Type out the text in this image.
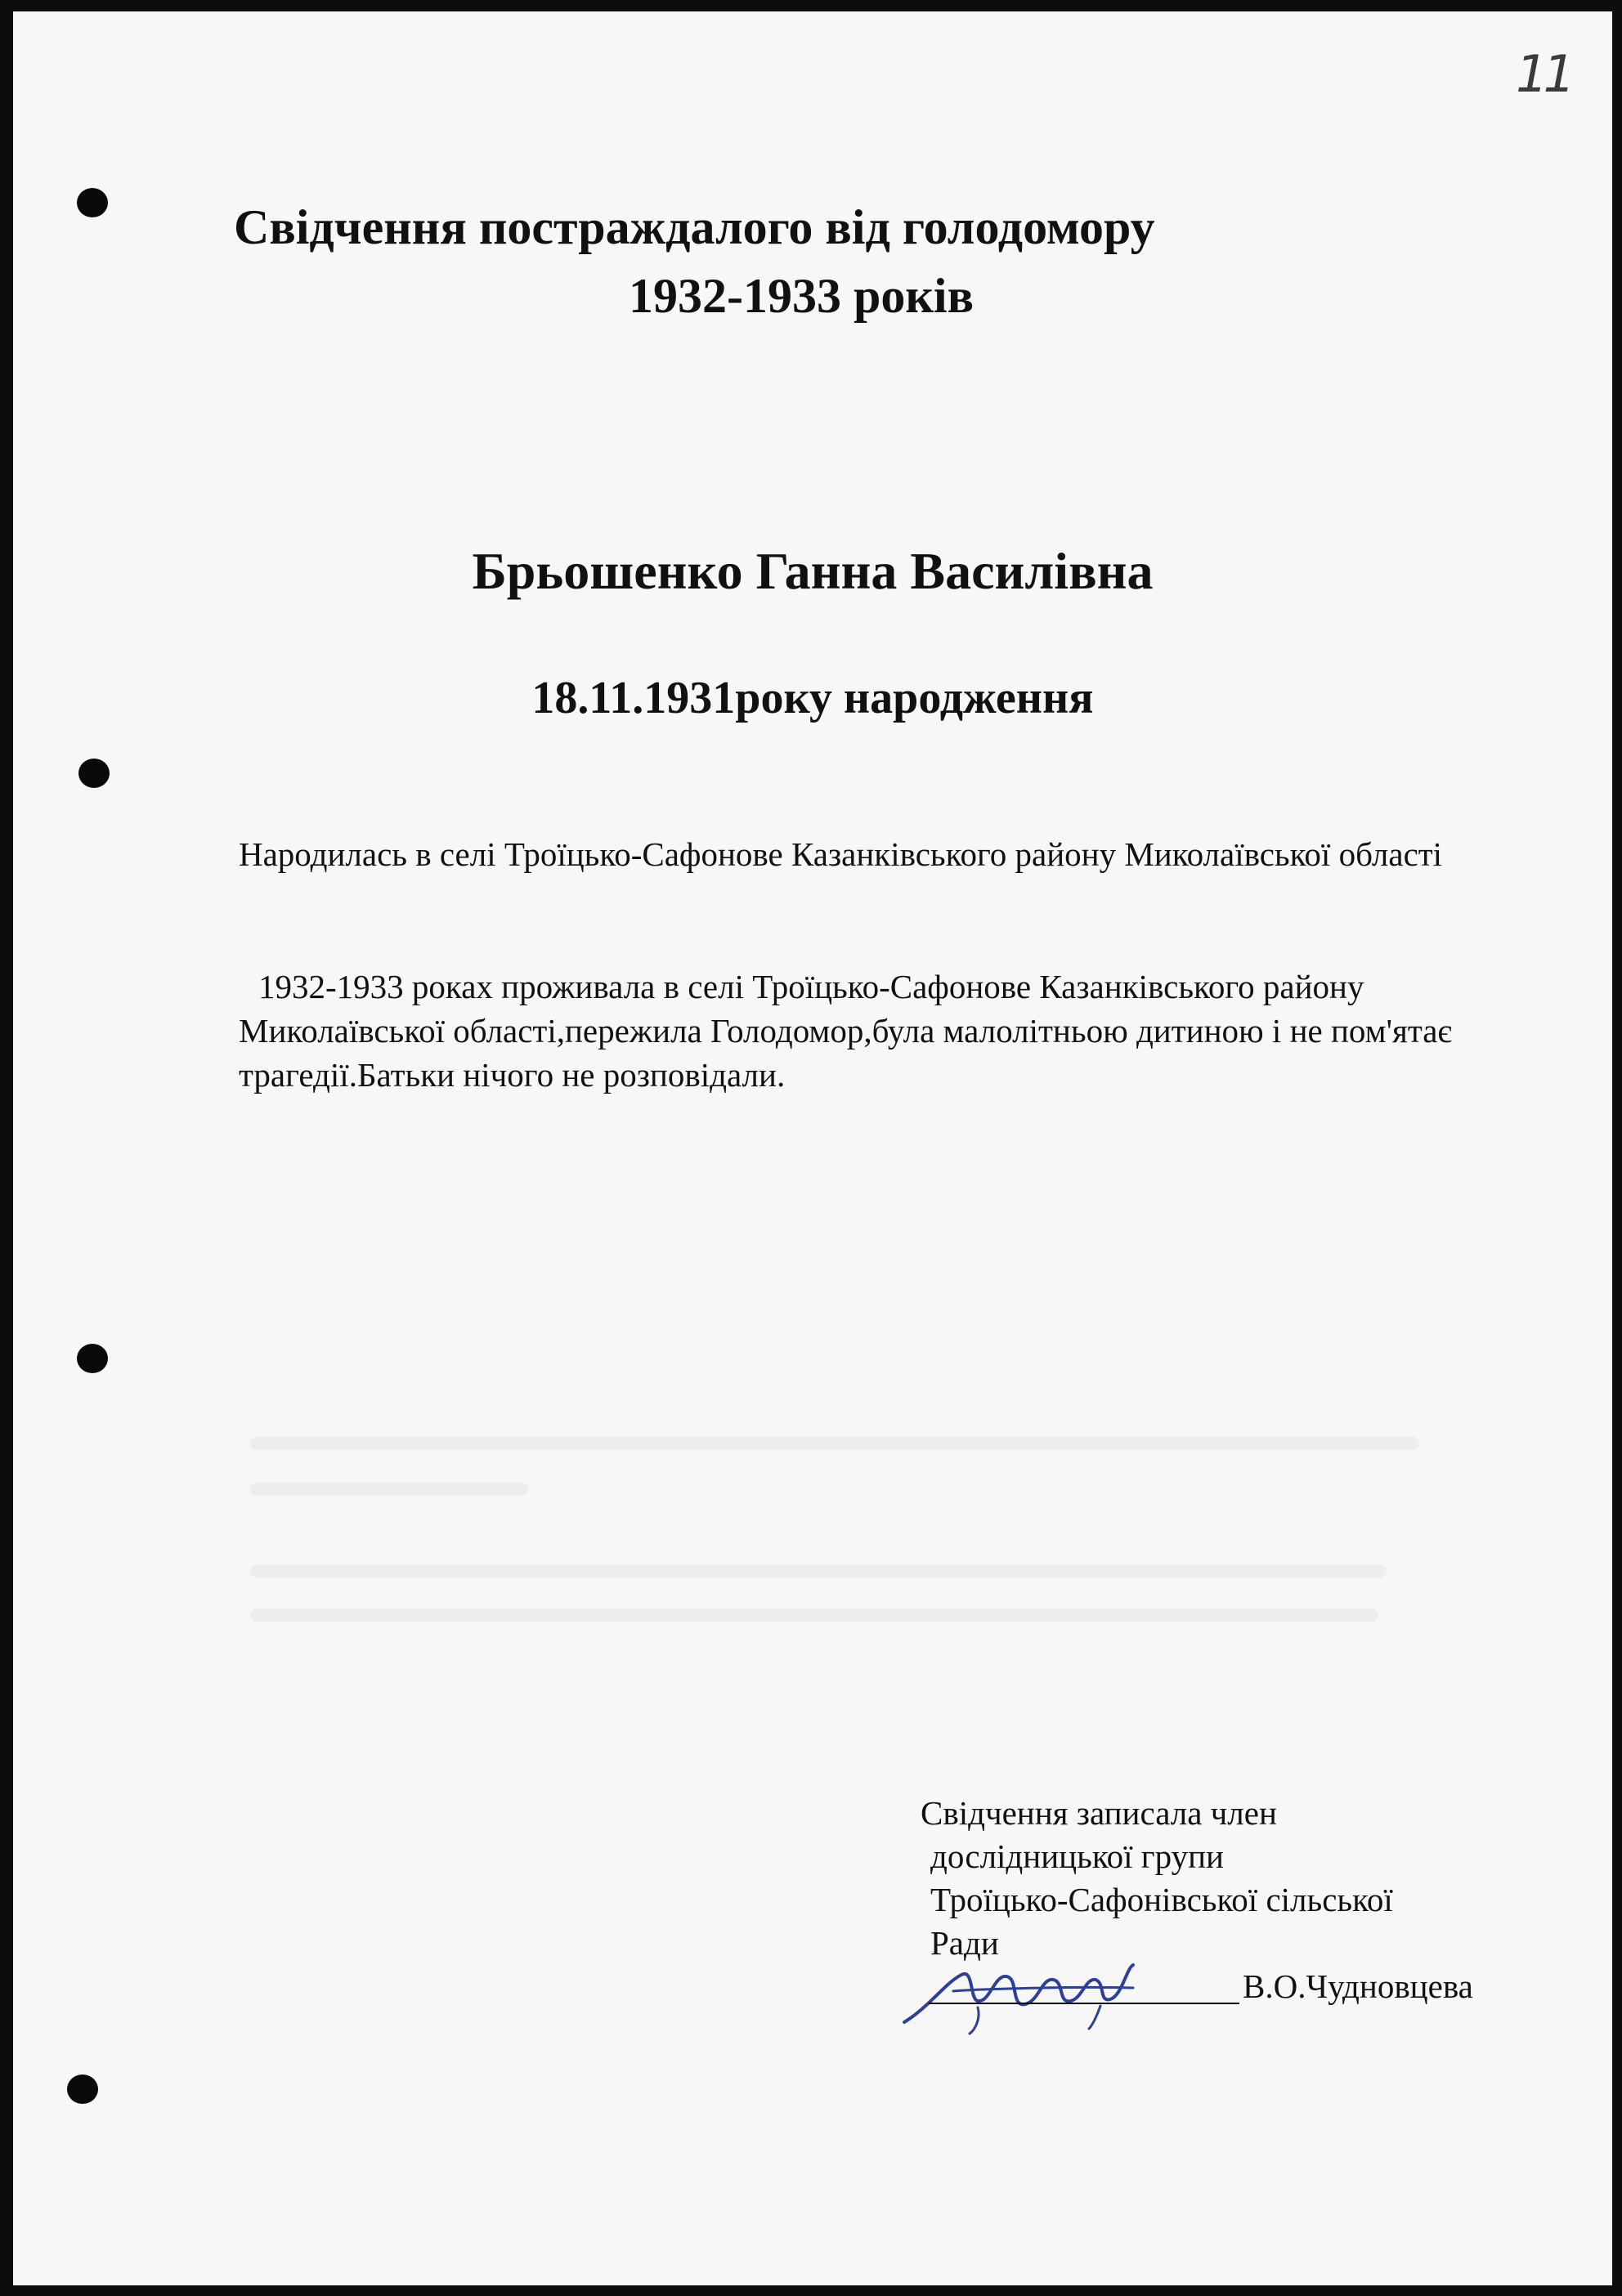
11
Свідчення постраждалого від голодомору
1932-1933 років
Брьошенко Ганна Василівна
18.11.1931року народження
Народилась в селі Троїцько-Сафонове Казанківського району Миколаївської області
1932-1933 роках проживала в селі Троїцько-Сафонове Казанківського району Миколаївської області,пережила Голодомор,була малолітньою дитиною і не пом'ятає трагедії.Батьки нічого не розповідали.
Свідчення записала член
дослідницької групи
Троїцько-Сафонівської сільської
Ради
В.О.Чудновцева
